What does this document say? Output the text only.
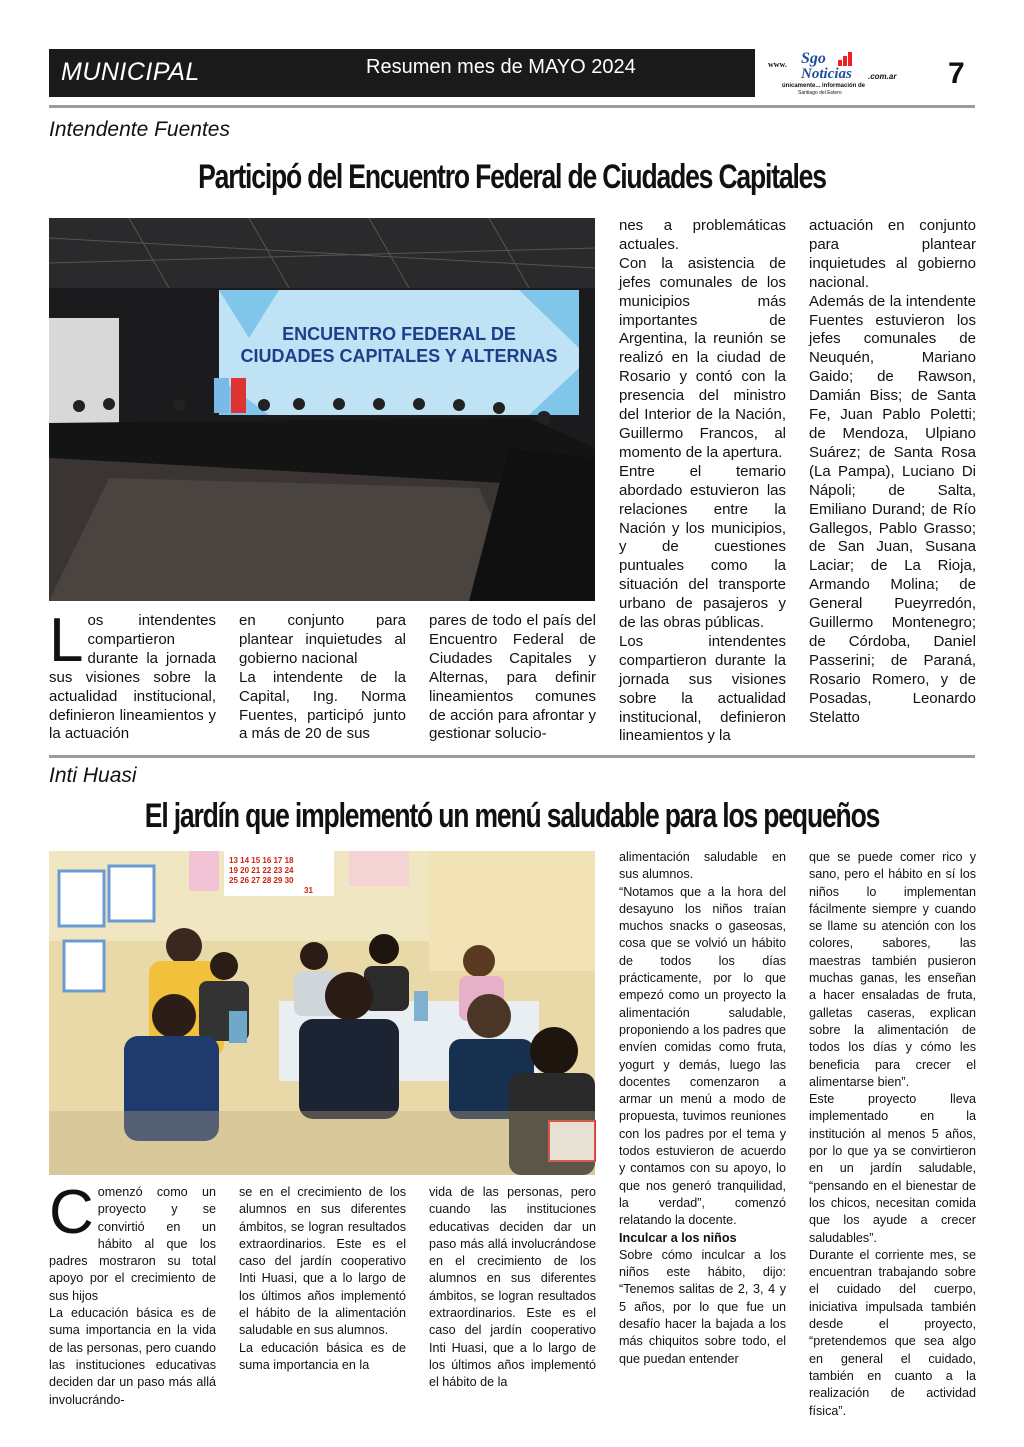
MUNICIPAL	Resumen mes de MAYO 2024	www. Sgo
Noticias .com.ar
únicamente... información de
Santiago del Estero
7
Intendente Fuentes
Participó del Encuentro Federal de Ciudades Capitales
ENCUENTRO FEDERAL DE
CIUDADES CAPITALES Y ALTERNAS
Los intendentes compartieron durante la jornada sus visiones sobre la actualidad institucional, definieron lineamientos y la actuación
en conjunto para plantear inquietudes al gobierno nacional
La intendente de la Capital, Ing. Norma Fuentes, participó junto a más de 20 de sus
pares de todo el país del Encuentro Federal de Ciudades Capitales y Alternas, para definir lineamientos comunes de acción para afrontar y gestionar solucio-
nes a problemáticas actuales.
Con la asistencia de jefes comunales de los municipios más importantes de Argentina, la reunión se realizó en la ciudad de Rosario y contó con la presencia del ministro del Interior de la Nación, Guillermo Francos, al momento de la apertura.
Entre el temario abordado estuvieron las relaciones entre la Nación y los municipios, y de cuestiones puntuales como la situación del transporte urbano de pasajeros y de las obras públicas.
Los intendentes compartieron durante la jornada sus visiones sobre la actualidad institucional, definieron lineamientos y la
actuación en conjunto para plantear inquietudes al gobierno nacional.
Además de la intendente Fuentes estuvieron los jefes comunales de Neuquén, Mariano Gaido; de Rawson, Damián Biss; de Santa Fe, Juan Pablo Poletti; de Mendoza, Ulpiano Suárez; de Santa Rosa (La Pampa), Luciano Di Nápoli; de Salta, Emiliano Durand; de Río Gallegos, Pablo Grasso; de San Juan, Susana Laciar; de La Rioja, Armando Molina; de General Pueyrredón, Guillermo Montenegro; de Córdoba, Daniel Passerini; de Paraná, Rosario Romero, y de Posadas, Leonardo Stelatto
Inti Huasi
El jardín que implementó un menú saludable para los pequeños
13 14 15 16 17 18
19 20 21 22 23 24
25 26 27 28 29 30
31
Comenzó como un proyecto y se convirtió en un hábito al que los padres mostraron su total apoyo por el crecimiento de sus hijos
La educación básica es de suma importancia en la vida de las personas, pero cuando las instituciones educativas deciden dar un paso más allá involucrándo-
se en el crecimiento de los alumnos en sus diferentes ámbitos, se logran resultados extraordinarios. Este es el caso del jardín cooperativo Inti Huasi, que a lo largo de los últimos años implementó el hábito de la alimentación saludable en sus alumnos.
La educación básica es de suma importancia en la
vida de las personas, pero cuando las instituciones educativas deciden dar un paso más allá involucrándose en el crecimiento de los alumnos en sus diferentes ámbitos, se logran resultados extraordinarios. Este es el caso del jardín cooperativo Inti Huasi, que a lo largo de los últimos años implementó el hábito de la

alimentación saludable en sus alumnos.
“Notamos que a la hora del desayuno los niños traían muchos snacks o gaseosas, cosa que se volvió un hábito de todos los días prácticamente, por lo que empezó como un proyecto la alimentación saludable, proponiendo a los padres que envíen comidas como fruta, yogurt y demás, luego las docentes comenzaron a armar un menú a modo de propuesta, tuvimos reuniones con los padres por el tema y todos estuvieron de acuerdo y contamos con su apoyo, lo que nos generó tranquilidad, la verdad”, comenzó relatando la docente.

Inculcar a los niños

Sobre cómo inculcar a los niños este hábito, dijo: “Tenemos salitas de 2, 3, 4 y 5 años, por lo que fue un desafío hacer la bajada a los más chiquitos sobre todo, el que puedan entender

que se puede comer rico y sano, pero el hábito en sí los niños lo implementan fácilmente siempre y cuando se llame su atención con los colores, sabores, las maestras también pusieron muchas ganas, les enseñan a hacer ensaladas de fruta, galletas caseras, explican sobre la alimentación de todos los días y cómo les beneficia para crecer el alimentarse bien”.
Este proyecto lleva implementado en la institución al menos 5 años, por lo que ya se convirtieron en un jardín saludable, “pensando en el bienestar de los chicos, necesitan comida que los ayude a crecer saludables”.
Durante el corriente mes, se encuentran trabajando sobre el cuidado del cuerpo, iniciativa impulsada también desde el proyecto, “pretendemos que sea algo en general el cuidado, también en cuanto a la realización de actividad física”.
